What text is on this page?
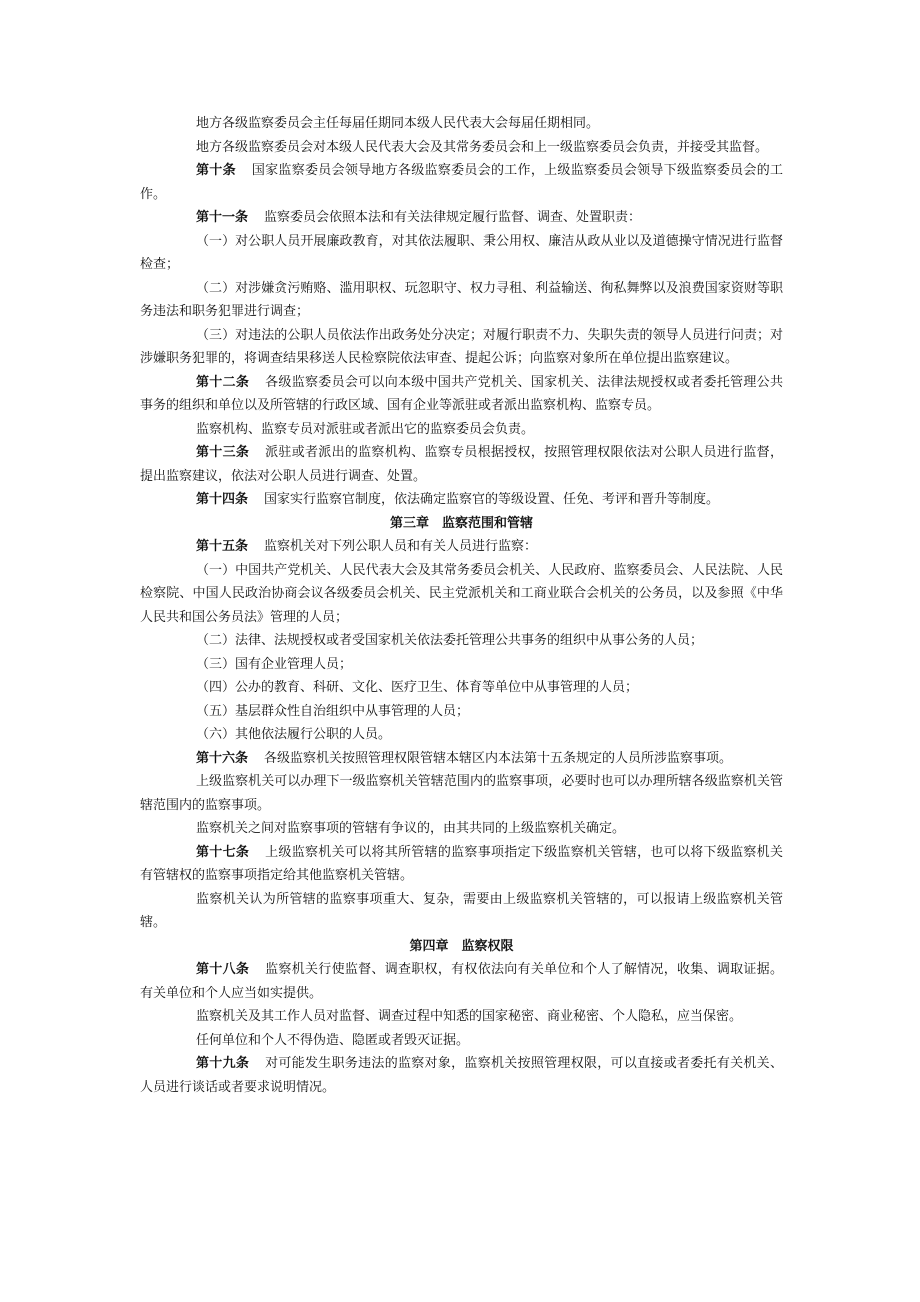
地方各级监察委员会主任每届任期同本级人民代表大会每届任期相同。

地方各级监察委员会对本级人民代表大会及其常务委员会和上一级监察委员会负责，并接受其监督。

第十条 国家监察委员会领导地方各级监察委员会的工作，上级监察委员会领导下级监察委员会的工作。

第十一条 监察委员会依照本法和有关法律规定履行监督、调查、处置职责：

（一）对公职人员开展廉政教育，对其依法履职、秉公用权、廉洁从政从业以及道德操守情况进行监督检查；

（二）对涉嫌贪污贿赂、滥用职权、玩忽职守、权力寻租、利益输送、徇私舞弊以及浪费国家资财等职务违法和职务犯罪进行调查；

（三）对违法的公职人员依法作出政务处分决定；对履行职责不力、失职失责的领导人员进行问责；对涉嫌职务犯罪的，将调查结果移送人民检察院依法审查、提起公诉；向监察对象所在单位提出监察建议。

第十二条 各级监察委员会可以向本级中国共产党机关、国家机关、法律法规授权或者委托管理公共事务的组织和单位以及所管辖的行政区域、国有企业等派驻或者派出监察机构、监察专员。

监察机构、监察专员对派驻或者派出它的监察委员会负责。

第十三条 派驻或者派出的监察机构、监察专员根据授权，按照管理权限依法对公职人员进行监督，提出监察建议，依法对公职人员进行调查、处置。

第十四条 国家实行监察官制度，依法确定监察官的等级设置、任免、考评和晋升等制度。

第三章　监察范围和管辖

第十五条 监察机关对下列公职人员和有关人员进行监察：

（一）中国共产党机关、人民代表大会及其常务委员会机关、人民政府、监察委员会、人民法院、人民检察院、中国人民政治协商会议各级委员会机关、民主党派机关和工商业联合会机关的公务员，以及参照《中华人民共和国公务员法》管理的人员；

（二）法律、法规授权或者受国家机关依法委托管理公共事务的组织中从事公务的人员；

（三）国有企业管理人员；

（四）公办的教育、科研、文化、医疗卫生、体育等单位中从事管理的人员；

（五）基层群众性自治组织中从事管理的人员；

（六）其他依法履行公职的人员。

第十六条 各级监察机关按照管理权限管辖本辖区内本法第十五条规定的人员所涉监察事项。

上级监察机关可以办理下一级监察机关管辖范围内的监察事项，必要时也可以办理所辖各级监察机关管辖范围内的监察事项。

监察机关之间对监察事项的管辖有争议的，由其共同的上级监察机关确定。

第十七条 上级监察机关可以将其所管辖的监察事项指定下级监察机关管辖，也可以将下级监察机关有管辖权的监察事项指定给其他监察机关管辖。

监察机关认为所管辖的监察事项重大、复杂，需要由上级监察机关管辖的，可以报请上级监察机关管辖。

第四章　监察权限

第十八条 监察机关行使监督、调查职权，有权依法向有关单位和个人了解情况，收集、调取证据。有关单位和个人应当如实提供。

监察机关及其工作人员对监督、调查过程中知悉的国家秘密、商业秘密、个人隐私，应当保密。

任何单位和个人不得伪造、隐匿或者毁灭证据。

第十九条 对可能发生职务违法的监察对象，监察机关按照管理权限，可以直接或者委托有关机关、人员进行谈话或者要求说明情况。
